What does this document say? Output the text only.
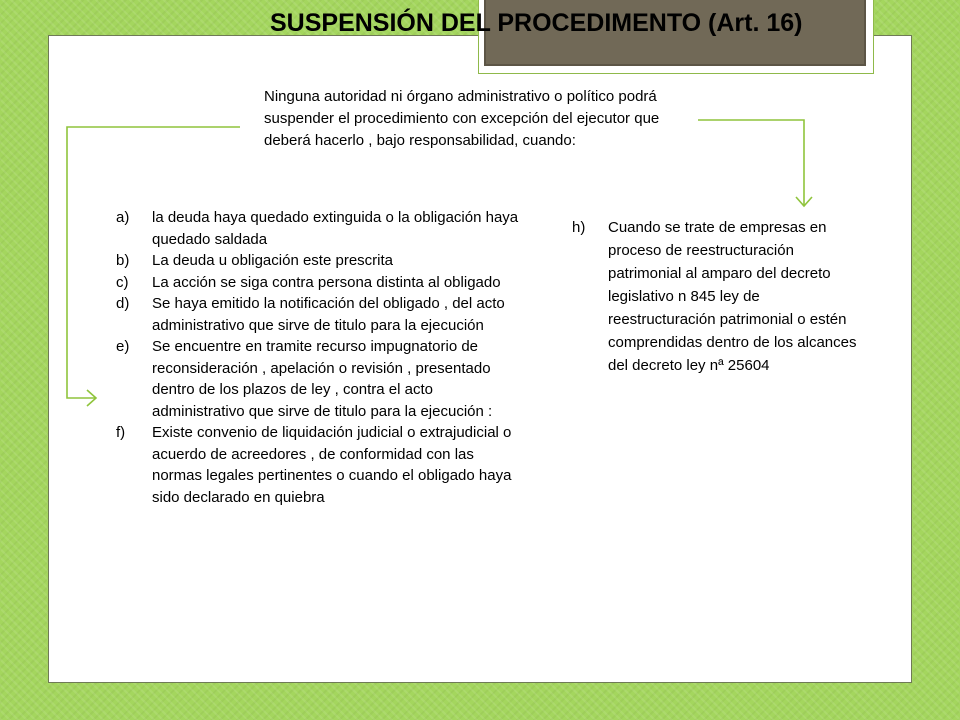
SUSPENSIÓN DEL PROCEDIMENTO (Art. 16)

Ninguna autoridad ni órgano administrativo o político podrá suspender el procedimiento con excepción del ejecutor que deberá hacerlo , bajo responsabilidad, cuando:

a)	la deuda haya quedado extinguida o la obligación haya quedado saldada
b)	La deuda u obligación este prescrita
c)	La acción se siga contra persona distinta al obligado
d)	Se haya emitido la notificación del obligado , del acto administrativo que sirve de titulo para la ejecución
e)	Se encuentre en tramite recurso impugnatorio de reconsideración , apelación o revisión , presentado dentro de los plazos de ley , contra el acto administrativo que sirve de titulo para la ejecución :
f)	Existe convenio de liquidación judicial o extrajudicial o acuerdo de acreedores , de conformidad con las normas legales pertinentes o cuando el obligado haya sido declarado en quiebra
h)	Cuando se trate de empresas en proceso de reestructuración patrimonial al amparo del decreto legislativo n 845 ley de reestructuración patrimonial o estén comprendidas dentro de los alcances del decreto ley nª 25604
